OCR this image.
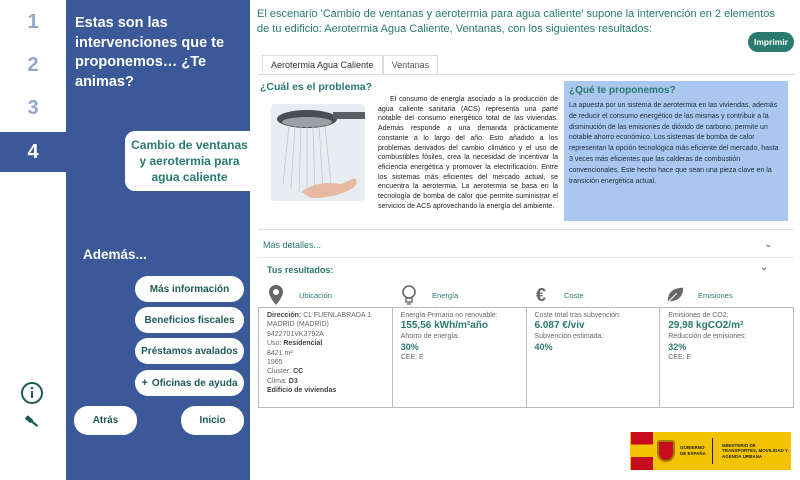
1
2
3
4
Estas son las intervenciones que te proponemos… ¿Te animas?
Cambio de ventanas y aerotermia para agua caliente
Además...
Más información
Beneficios fiscales
Préstamos avalados
+ Oficinas de ayuda
Atrás	Inicio
El escenario 'Cambio de ventanas y aerotermia para agua caliente' supone la intervención en 2 elementos de tu edificio: Aerotermia Agua Caliente, Ventanas, con los siguientes resultados:
Imprimir
Aerotermia Agua Caliente	Ventanas
¿Cuál es el problema?
El consumo de energía asociado a la producción de agua caliente sanitaria (ACS) representa una parte notable del consumo energético total de las viviendas. Además responde a una demanda prácticamente constante a lo largo del año. Esto añadido a los problemas derivados del cambio climático y el uso de combustibles fósiles, crea la necesidad de incentivar la eficiencia energética y promover la electrificación. Entre los sistemas más eficientes del mercado actual, se encuentra la aerotermia. La aerotermia se basa en la tecnología de bomba de calor que permite suministrar el servicios de ACS aprovechando la energía del ambiente.
¿Qué te proponemos?
La apuesta por un sistema de aerotermia en las viviendas, además de reducir el consumo energético de las mismas y contribuir a la disminución de las emisiones de dióxido de carbono, permite un notable ahorro económico. Los sistemas de bomba de calor representan la opción tecnológica más eficiente del mercado, hasta 3 veces más eficientes que las calderas de combustión convencionales. Este hecho hace que sean una pieza clave en la transición energética actual.
Más detalles...	⌄
Tus resultados:	⌄
Ubicación	Energía	€	Coste	Emisiones
Dirección: CL FUENLABRADA 1 MADRID (MADRID)
9422701VK3792A
Uso: Residencial
8421 m²
1965
Cluster: CC
Clima: D3
Edificio de viviendas
Energía Primaria no renovable:
155,56 kWh/m²año
Ahorro de energía:
30%
CEE: E
Coste total tras subvención:
6.087 €/viv
Subvención estimada:
40%
Emisiones de CO2:
29,98 kgCO2/m²
Reducción de emisiones:
32%
CEE: E
GOBIERNO DE ESPAÑA
MINISTERIO DE TRANSPORTES, MOVILIDAD Y AGENDA URBANA
